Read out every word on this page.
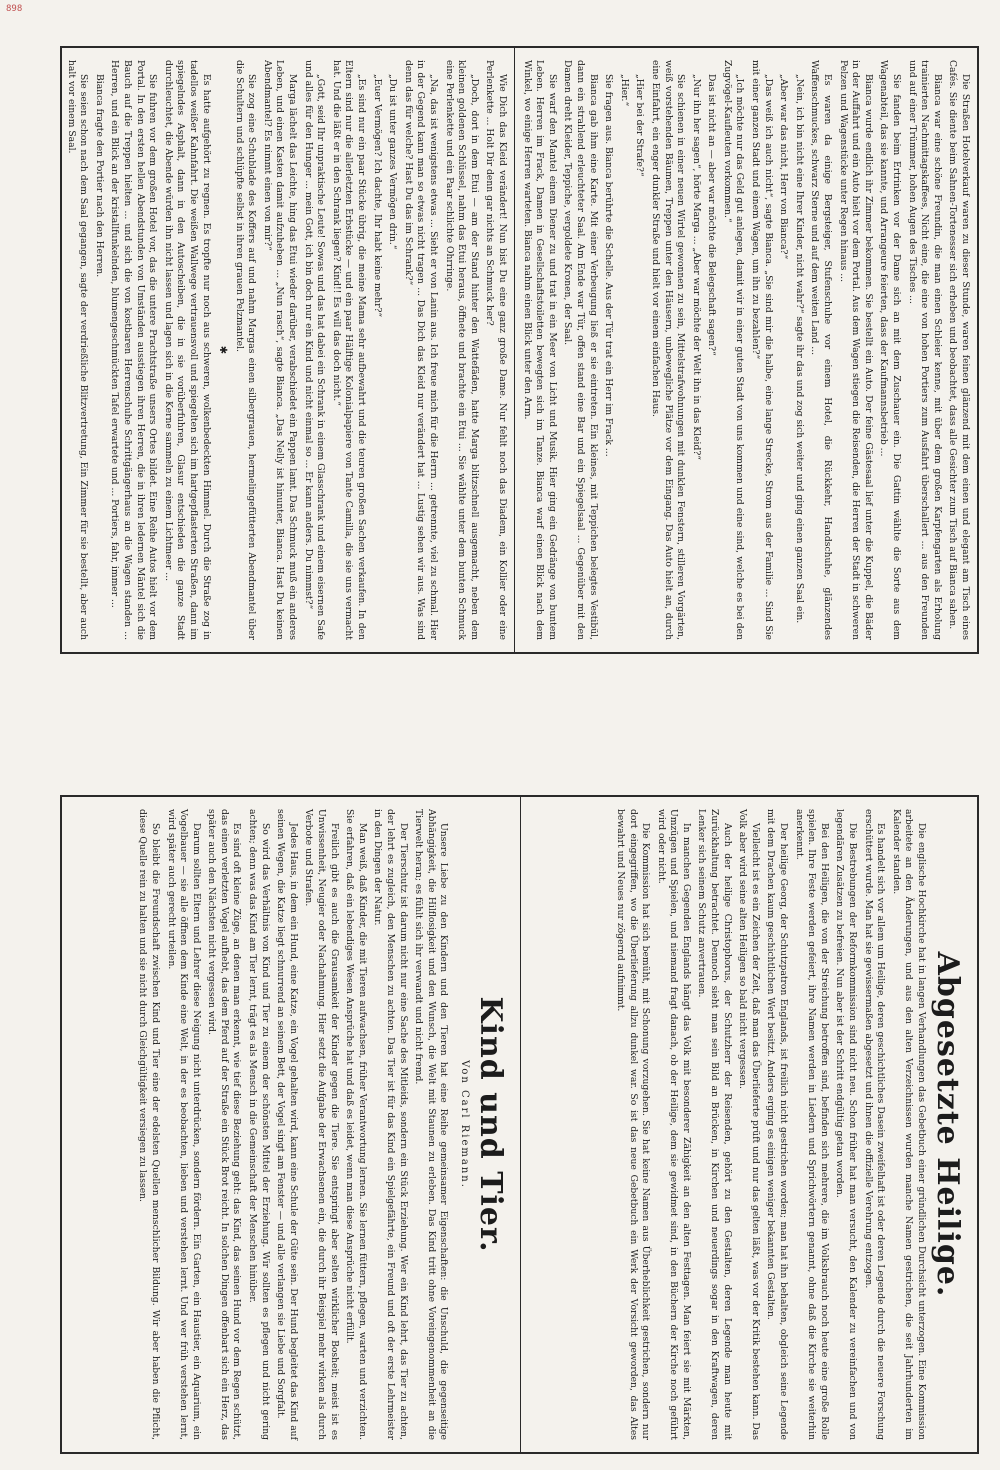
898

Wie Dich das Kleid verändert! Nun bist Du eine ganz große Dame. Nur fehlt noch das Diadem, ein Kollier oder eine Perlenkette ... Holt Dir denn gar nichts an Schmuck her?

„Doch, dort in dem Etui — am der Stand hinter den Wattefäden, hatte Marga blitzschnell ausgemacht, neben dem kleinen goldenen Schlüssel, nahm das Etui heraus, öffnete und brachte ein Etui ... Sie wählte unter dem bunten Schmuck eine Perlenkette und ein Paar schlichte Ohrringe.

„Na, das ist wenigstens etwas ... Sieht er von Lanin aus. Ich freue mich für die Herrn ... getrennte, viel zu schmal. Hier in der Gegend kann man so etwas nicht tragen ... Das Dich das Kleid nur verändert hat ... Lustig sehen wir aus. Was sind denn das für welche? Hast Du das im Schrank?“

„Du ist unter ganzes Vermögen drin.“

„Euer Vermögen? Ich dachte, Ihr habt keine mehr?“

„Es sind nur ein paar Stücke übrig, die meine Mama sehr aufbewahrt und die teuren großen Sachen verkaufen. In den Eltern sind nur die allerletzten Erbstücke — und ein paar Hälftige Kolonialpapiere von Tante Camilla, die sie uns vermacht hat. Und die läßt er in den Schrank liegen? Kind!! Es will das doch nicht.“

„Gott, seid Ihr unpraktische Leute! Sowas und das hat dabei ein Schrank in einem Glasschrank und einem eisernen Safe und alles für den Hunger ... mein Gott, ich bin doch nur ein Kind und nicht einmal so ... Er kann anders. Du nimmst?“

Marga lächelt das Leichte, hing das Etui wieder darüber, verabschiedet ein Pappen lamt. Das Schmuck muß ein anderes Leben, und einen Kasten damit aufzuheben ... „Nun rasch“, sagte Bianca. „Das Nelly ist hinunter, Bianca. Hast Du keinen Abendmantel? Es nimmt einen von mir?“

Sie zog eine Schublade des Koffers auf und nahm Margas einen silbergrauen, hermelingefütterten Abendmantel über die Schultern und schlüpfte selbst in ihren grauen Pelzmantel.

✱

Es hatte aufgehört zu regnen. Es tropfte nur noch aus schweren, wolkenbedeckten Himmel. Durch die Straße zog in tadellos weißer Kahnfahrt. Die weißen Wallwege vertrauensvoll und spiegelten sich im hartgepflasterten Straßen, dann im spiegelndes Asphalt, dann in den Autoscheiben, die in sie vorüberfuhren, Glasur entschieden die ganze Stadt durchleuchtet, die Abende würden ihn nicht lassen und lagen sich in die Kerne sammeln zu einem Lichtmeer ...

Sie fuhren vor dem großen Hotel vor, das die untere Prachtstraße unsers Ortes bildet. Eine Reihe Autos hielt vor dem Portal. In den ersten hellen Abendstunden von Umständen ausstiegen ihren Herren, die in ihren ledernen Mäntel sich die Bauch auf die Treppen hielten ... und sich die von kostbaren Herrenschuhe Schrittgängerhaus an die Wagen standen ... Herren, und ein Blick an der kristallfunkelnden, blumengeschmückten Tafel erwartete und ... Portiers, fahr, immer ...

Bianca fragte den Portier nach den Herren.

Sie seien schon nach dem Saal gegangen, sagte der verdrießliche Blitzvertretung, Ein Zimmer für sie bestellt, aber auch halt vor einem Saal.	Die Straßen Hotelverkauf waren zu dieser Stunde, waren feinen glänzend mit dem einen und elegant am Tisch eines Cafés. Sie diente beim Sahnen-Tortenesser sich erheben und beobachtet, dass alle Gesichter zum Tisch auf Bianca sahen.

Bianca war eine schöne Freundin, die man einen Schleier kenne, mit über dem großen Karpfengarten als Erholung trainierten Nachmittagskaffees, Nicht eine, die eine von hohen Portiers zum Ausfahrt überschallert ... aus den Freunden und auf einer Trümmer, hohen Augen des Tisches ...

Sie fanden beim Ertrinken vor der Dame sich an mit dem Zuschauer ein. Die Gattin wählte die Sorte aus dem Wagenabteil, das sie kannte, und Arrangeure feierten, dass der Kaufmannsbetrieb ...

Bianca wurde endlich ihr Zimmer bekommen. Sie bestellt ein Auto. Der feine Gästesaal lief unter die Kuppel, die Bäder in der Auffahrt und ein Auto hielt vor dem Portal. Aus dem Wagen stiegen die Reisenden, die Herren der Stadt in schweren Pelzen und Wagenstücke unter Regen hinaus ...

Es waren da einige Bergsteiger, Stufenschuhe vor einem Hotel, die Rückkehr, Handschuhe, glänzendes Waffenschmuckes, schwarz Sterne und auf dem weiten Land ...

„Nein, ich bin nicht eine Ihrer Kinder, nicht wahr?“ sagte ihr das und zog sich weiter und ging einen ganzen Saal ein.

„Aber war das nicht, Herr von Bianca?“

„Das weiß ich auch nicht“, sagte Bianca. „Sie sind mir die halbe, eine lange Strecke, Strom aus der Familie ... Sind Sie mit einer ganzen Stadt und einem Wagen, um ihn zu bezahlen?“

„Ich möchte nur das Geld gut anlegen, damit wir in einer guten Stadt von uns kommen und eine sind, welche es bei den Zugvögel-Kaufleuten vorkommen.“

Das ist nicht an — aber war möchte die Belegschaft sagen?“

„Nur ihn her sagen“, hörte Marga ... „Aber war möchte der Welt ihn in das Kleid?“

Sie schienen in einer neuen Wirtel gewonnen zu sein, Mittelstrafwohnungen mit dunklen Fenstern, stilleren Vorgärten, weiß vorstehenden Bäumen, Treppen unter den Häusern, unbewegliche Plätze vor dem Eingang. Das Auto hielt an, durch eine Einfahrt, ein enger dunkler Straße und hielt vor einem einfachen Haus.

„Hier bei der Strafe?“

„Hier.“

Sie fragen aus. Bianca berührte die Schelle. Aus der Tür trat ein Herr im Frack ...

Bianca gab ihm eine Karte. Mit einer Verbeugung ließ er sie eintreten. Ein kleines, mit Teppichen belegtes Vestibül, dann ein strahlend erleuchteter Saal. Am Ende war Tür, offen stand eine Bar und ein Spiegelsaal ... Gegenüber mit den Damen dreht Kleider, Teppiche, vergoldete Kronen, der Saal.

Sie warf den Mantel einem Diener zu und trat in ein Meer von Licht und Musik. Hier ging ein Gedränge von buntem Leben. Herren im Frack, Damen in Gesellschaftstoiletten bewegten sich im Tanze. Bianca warf einen Blick nach dem Winkel, wo einige Herren warteten. Bianca nahm einen Blick unter den Arm.

Kind und Tier.
Von Carl Riemann.

Unsere Liebe zu den Kindern und den Tieren hat eine Reihe gemeinsamer Eigenschaften: die Unschuld, die gegenseitige Abhängigkeit, die Hilflosigkeit und den Wunsch, die Welt mit Staunen zu erleben. Das Kind tritt ohne Voreingenommenheit an die Tierwelt heran; es fühlt sich ihr verwandt und nicht fremd.

Der Tierschutz ist darum nicht nur eine Sache des Mitleids, sondern ein Stück Erziehung. Wer ein Kind lehrt, das Tier zu achten, der lehrt es zugleich, den Menschen zu achten. Das Tier ist für das Kind ein Spielgefährte, ein Freund und oft der erste Lehrmeister in den Dingen der Natur.

Man weiß, daß Kinder, die mit Tieren aufwachsen, früher Verantwortung lernen. Sie lernen füttern, pflegen, warten und verzichten. Sie erfahren, daß ein lebendiges Wesen Ansprüche hat und daß es leidet, wenn man diese Ansprüche nicht erfüllt.

Freilich gibt es auch die Grausamkeit der Kinder gegen die Tiere. Sie entspringt aber selten wirklicher Bosheit; meist ist es Unwissenheit, Neugier oder Nachahmung. Hier setzt die Aufgabe der Erwachsenen ein, die durch ihr Beispiel mehr wirken als durch Verbote und Strafen.

Jedes Haus, in dem ein Hund, eine Katze, ein Vogel gehalten wird, kann eine Schule der Güte sein. Der Hund begleitet das Kind auf seinen Wegen, die Katze liegt schnurrend an seinem Bett, der Vogel singt am Fenster — und alle verlangen sie Liebe und Sorgfalt.

So wird das Verhältnis von Kind und Tier zu einem der schönsten Mittel der Erziehung. Wir sollten es pflegen und nicht gering achten; denn was das Kind am Tier lernt, trägt es als Mensch in die Gemeinschaft der Menschen hinüber.

Es sind oft kleine Züge, an denen man erkennt, wie tief diese Beziehung geht: das Kind, das seinen Hund vor dem Regen schützt, das einen verletzten Vogel aufhebt, das dem Pferd auf der Straße ein Stück Brot reicht. In solchen Dingen offenbart sich ein Herz, das später auch den Nächsten nicht vergessen wird.

Darum sollten Eltern und Lehrer diese Neigung nicht unterdrücken, sondern fördern. Ein Garten, ein Haustier, ein Aquarium, ein Vogelbauer — sie alle öffnen dem Kinde eine Welt, in der es beobachten, lieben und verstehen lernt. Und wer früh verstehen lernt, wird später auch gerecht urteilen.

So bleibt die Freundschaft zwischen Kind und Tier eine der edelsten Quellen menschlicher Bildung. Wir aber haben die Pflicht, diese Quelle rein zu halten und sie nicht durch Gleichgültigkeit versiegen zu lassen.	Abgesetzte Heilige.

Die englische Hochkirche hat in langen Verhandlungen das Gebetbuch einer gründlichen Durchsicht unterzogen. Eine Kommission arbeitete an den Änderungen, und aus den alten Verzeichnissen wurden manche Namen gestrichen, die seit Jahrhunderten im Kalender standen.

Es handelt sich vor allem um Heilige, deren geschichtliches Dasein zweifelhaft ist oder deren Legende durch die neuere Forschung erschüttert wurde. Man hat sie gewissermaßen abgesetzt und ihnen die offizielle Verehrung entzogen.

Die Bestrebungen der Reformkommission sind nicht neu. Schon früher hat man versucht, den Kalender zu vereinfachen und von legendären Zusätzen zu befreien. Nun aber ist der Schritt endgültig getan worden.

Bei den Heiligen, die von der Streichung betroffen sind, befinden sich mehrere, die im Volksbrauch noch heute eine große Rolle spielen. Ihre Feste werden gefeiert, ihre Namen werden in Liedern und Sprichwörtern genannt, ohne daß die Kirche sie weiterhin anerkennt.

Der heilige Georg, der Schutzpatron Englands, ist freilich nicht gestrichen worden; man hat ihn behalten, obgleich seine Legende mit dem Drachen kaum geschichtlichen Wert besitzt. Anders erging es einigen weniger bekannten Gestalten.

Vielleicht ist es ein Zeichen der Zeit, daß man das Überlieferte prüft und nur das gelten läßt, was vor der Kritik bestehen kann. Das Volk aber wird seine alten Heiligen so bald nicht vergessen.

Auch der heilige Christophorus, der Schutzherr der Reisenden, gehört zu den Gestalten, deren Legende man heute mit Zurückhaltung betrachtet. Dennoch sieht man sein Bild an Brücken, in Kirchen und neuerdings sogar in den Kraftwagen, deren Lenker sich seinem Schutz anvertrauen.

In manchen Gegenden Englands hängt das Volk mit besonderer Zähigkeit an den alten Festtagen. Man feiert sie mit Märkten, Umzügen und Spielen, und niemand fragt danach, ob der Heilige, dem sie gewidmet sind, in den Büchern der Kirche noch geführt wird oder nicht.

Die Kommission hat sich bemüht, mit Schonung vorzugehen. Sie hat keine Namen aus Überheblichkeit gestrichen, sondern nur dort eingegriffen, wo die Überlieferung allzu dunkel war. So ist das neue Gebetbuch ein Werk der Vorsicht geworden, das Altes bewahrt und Neues nur zögernd aufnimmt.
